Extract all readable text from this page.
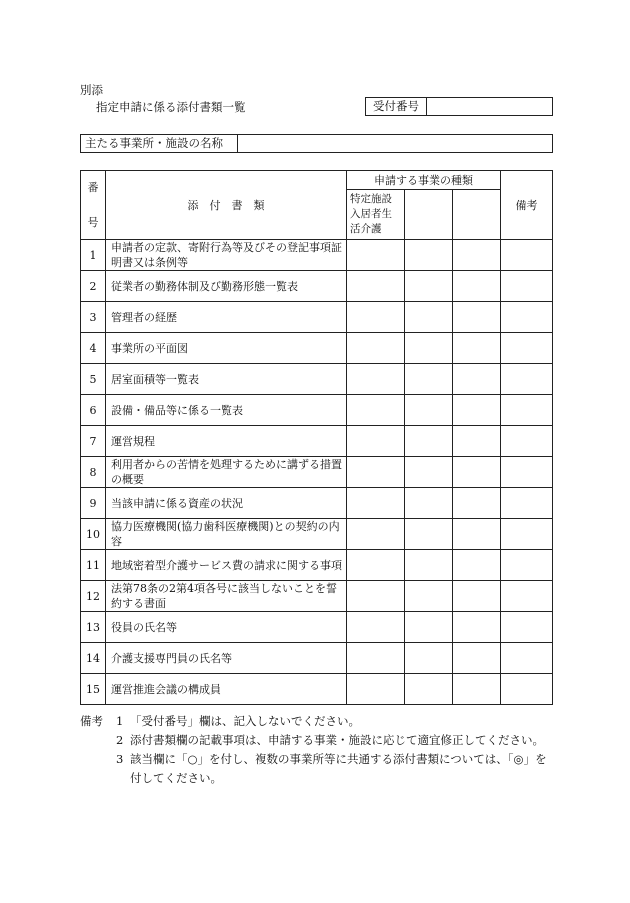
別添
指定申請に係る添付書類一覧	受付番号
主たる事業所・施設の名称
番
号	添　付　書　類	申請する事業の種類			備考
		特定施設入居者生活介護			
1	申請者の定款、寄附行為等及びその登記事項証明書又は条例等				
2	従業者の勤務体制及び勤務形態一覧表				
3	管理者の経歴				
4	事業所の平面図				
5	居室面積等一覧表				
6	設備・備品等に係る一覧表				
7	運営規程				
8	利用者からの苦情を処理するために講ずる措置の概要				
9	当該申請に係る資産の状況				
10	協力医療機関(協力歯科医療機関)との契約の内容				
11	地域密着型介護サービス費の請求に関する事項				
12	法第78条の2第4項各号に該当しないことを誓約する書面				
13	役員の氏名等				
14	介護支援専門員の氏名等				
15	運営推進会議の構成員				
備考	1 「受付番号」欄は、記入しないでください。
2 添付書類欄の記載事項は、申請する事業・施設に応じて適宜修正してください。
3 該当欄に「○」を付し、複数の事業所等に共通する添付書類については、「◎」を付してください。
